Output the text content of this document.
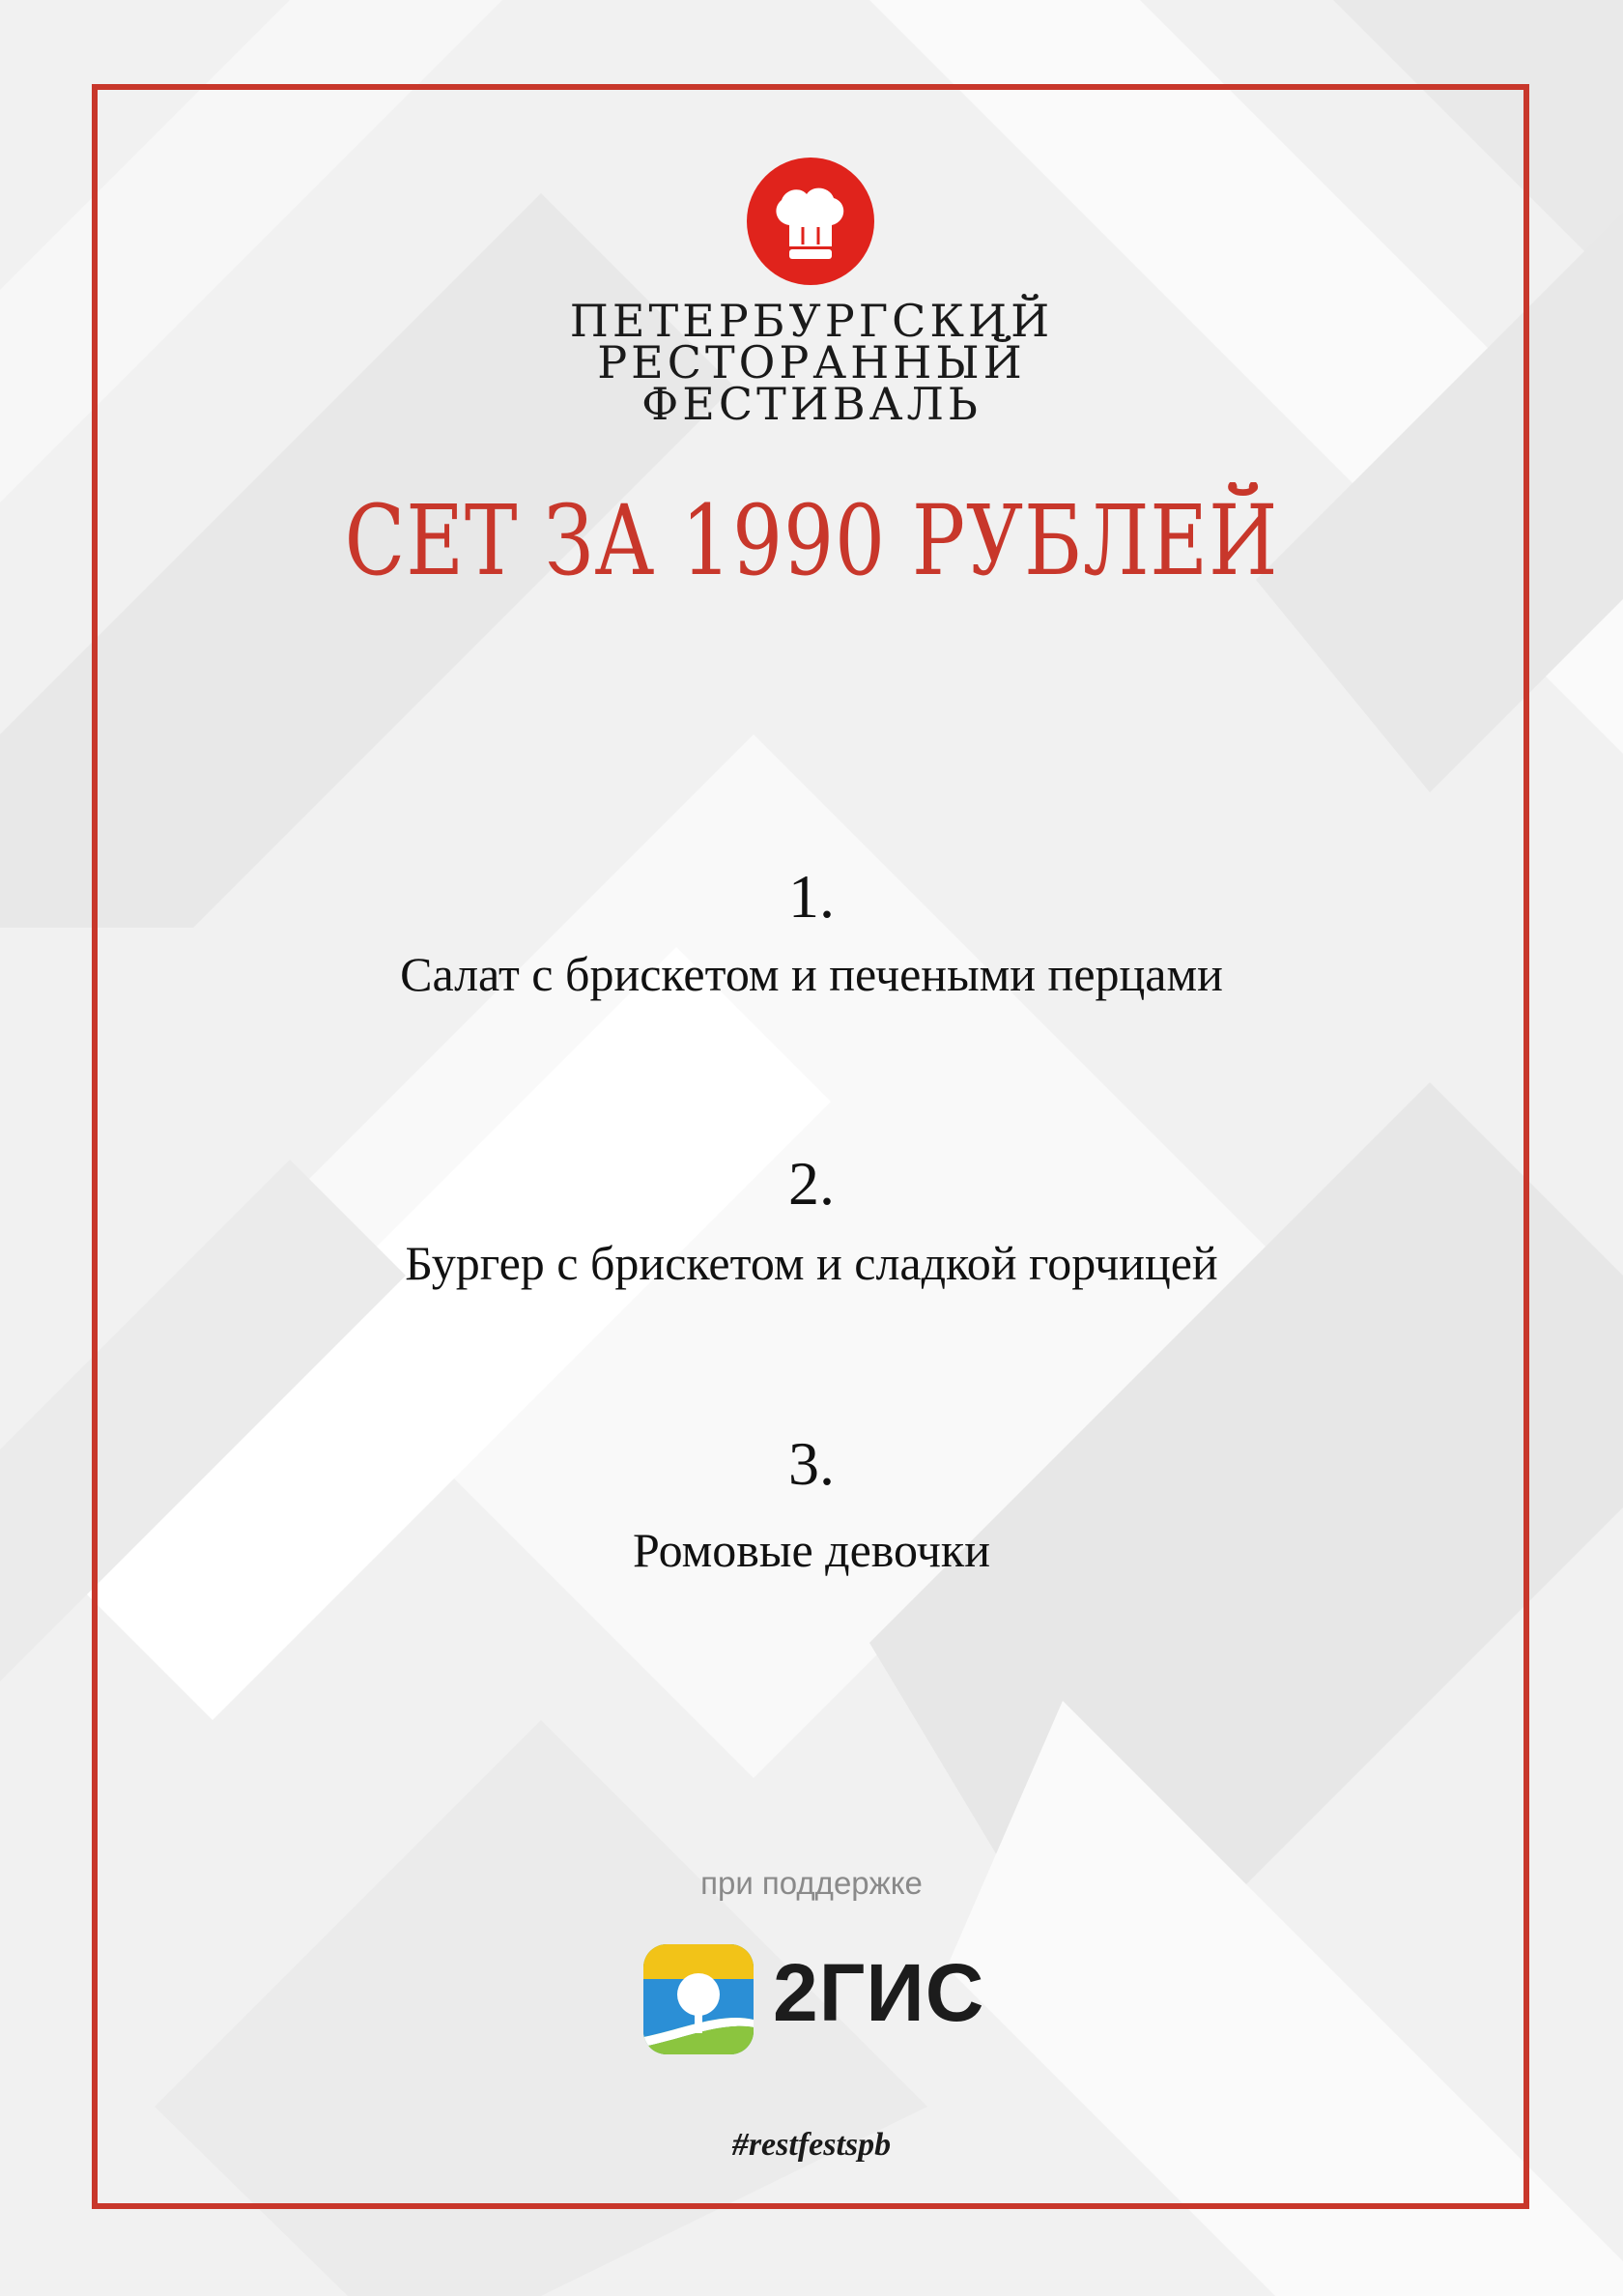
ПЕТЕРБУРГСКИЙ
РЕСТОРАННЫЙ
ФЕСТИВАЛЬ
СЕТ ЗА 1990 РУБЛЕЙ
1.
Салат с брискетом и печеными перцами
2.
Бургер с брискетом и сладкой горчицей
3.
Ромовые девочки
при поддержке
2ГИС
#restfestspb
